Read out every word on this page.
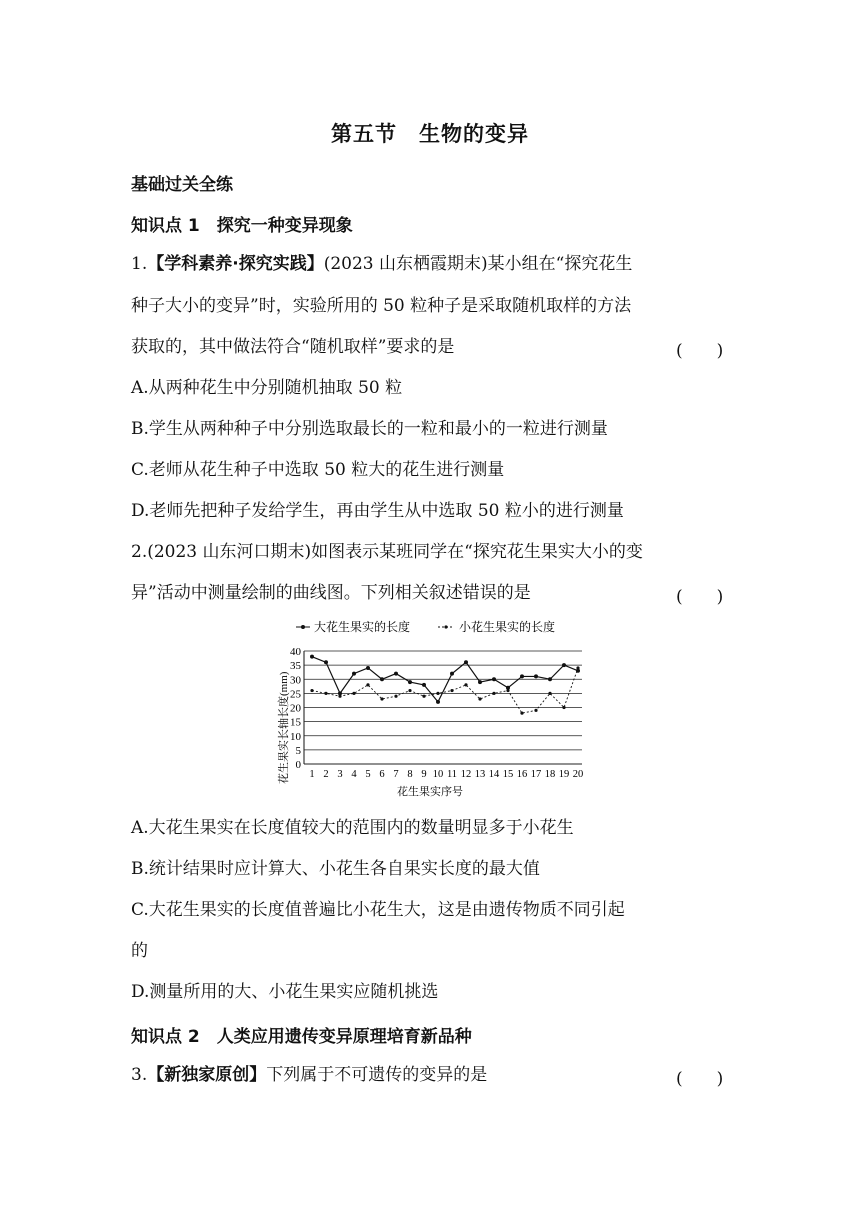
第五节　生物的变异
基础过关全练
知识点 1　探究一种变异现象
1.【学科素养·探究实践】(2023 山东栖霞期末)某小组在“探究花生
种子大小的变异”时，实验所用的 50 粒种子是采取随机取样的方法
获取的，其中做法符合“随机取样”要求的是	(　　)
A.从两种花生中分别随机抽取 50 粒
B.学生从两种种子中分别选取最长的一粒和最小的一粒进行测量
C.老师从花生种子中选取 50 粒大的花生进行测量
D.老师先把种子发给学生，再由学生从中选取 50 粒小的进行测量
2.(2023 山东河口期末)如图表示某班同学在“探究花生果实大小的变
异”活动中测量绘制的曲线图。下列相关叙述错误的是	(　　)
大花生果实的长度	小花生果实的长度
花生果实长轴长度(mm)
花生果实序号
0
5
10
15
20
25
30
35
40
1 2 3 4 5 6 7 8 9 10 11 12 13 14 15 16 17 18 19 20
A.大花生果实在长度值较大的范围内的数量明显多于小花生
B.统计结果时应计算大、小花生各自果实长度的最大值
C.大花生果实的长度值普遍比小花生大，这是由遗传物质不同引起
的
D.测量所用的大、小花生果实应随机挑选
知识点 2　人类应用遗传变异原理培育新品种
3.【新独家原创】下列属于不可遗传的变异的是	(　　)
